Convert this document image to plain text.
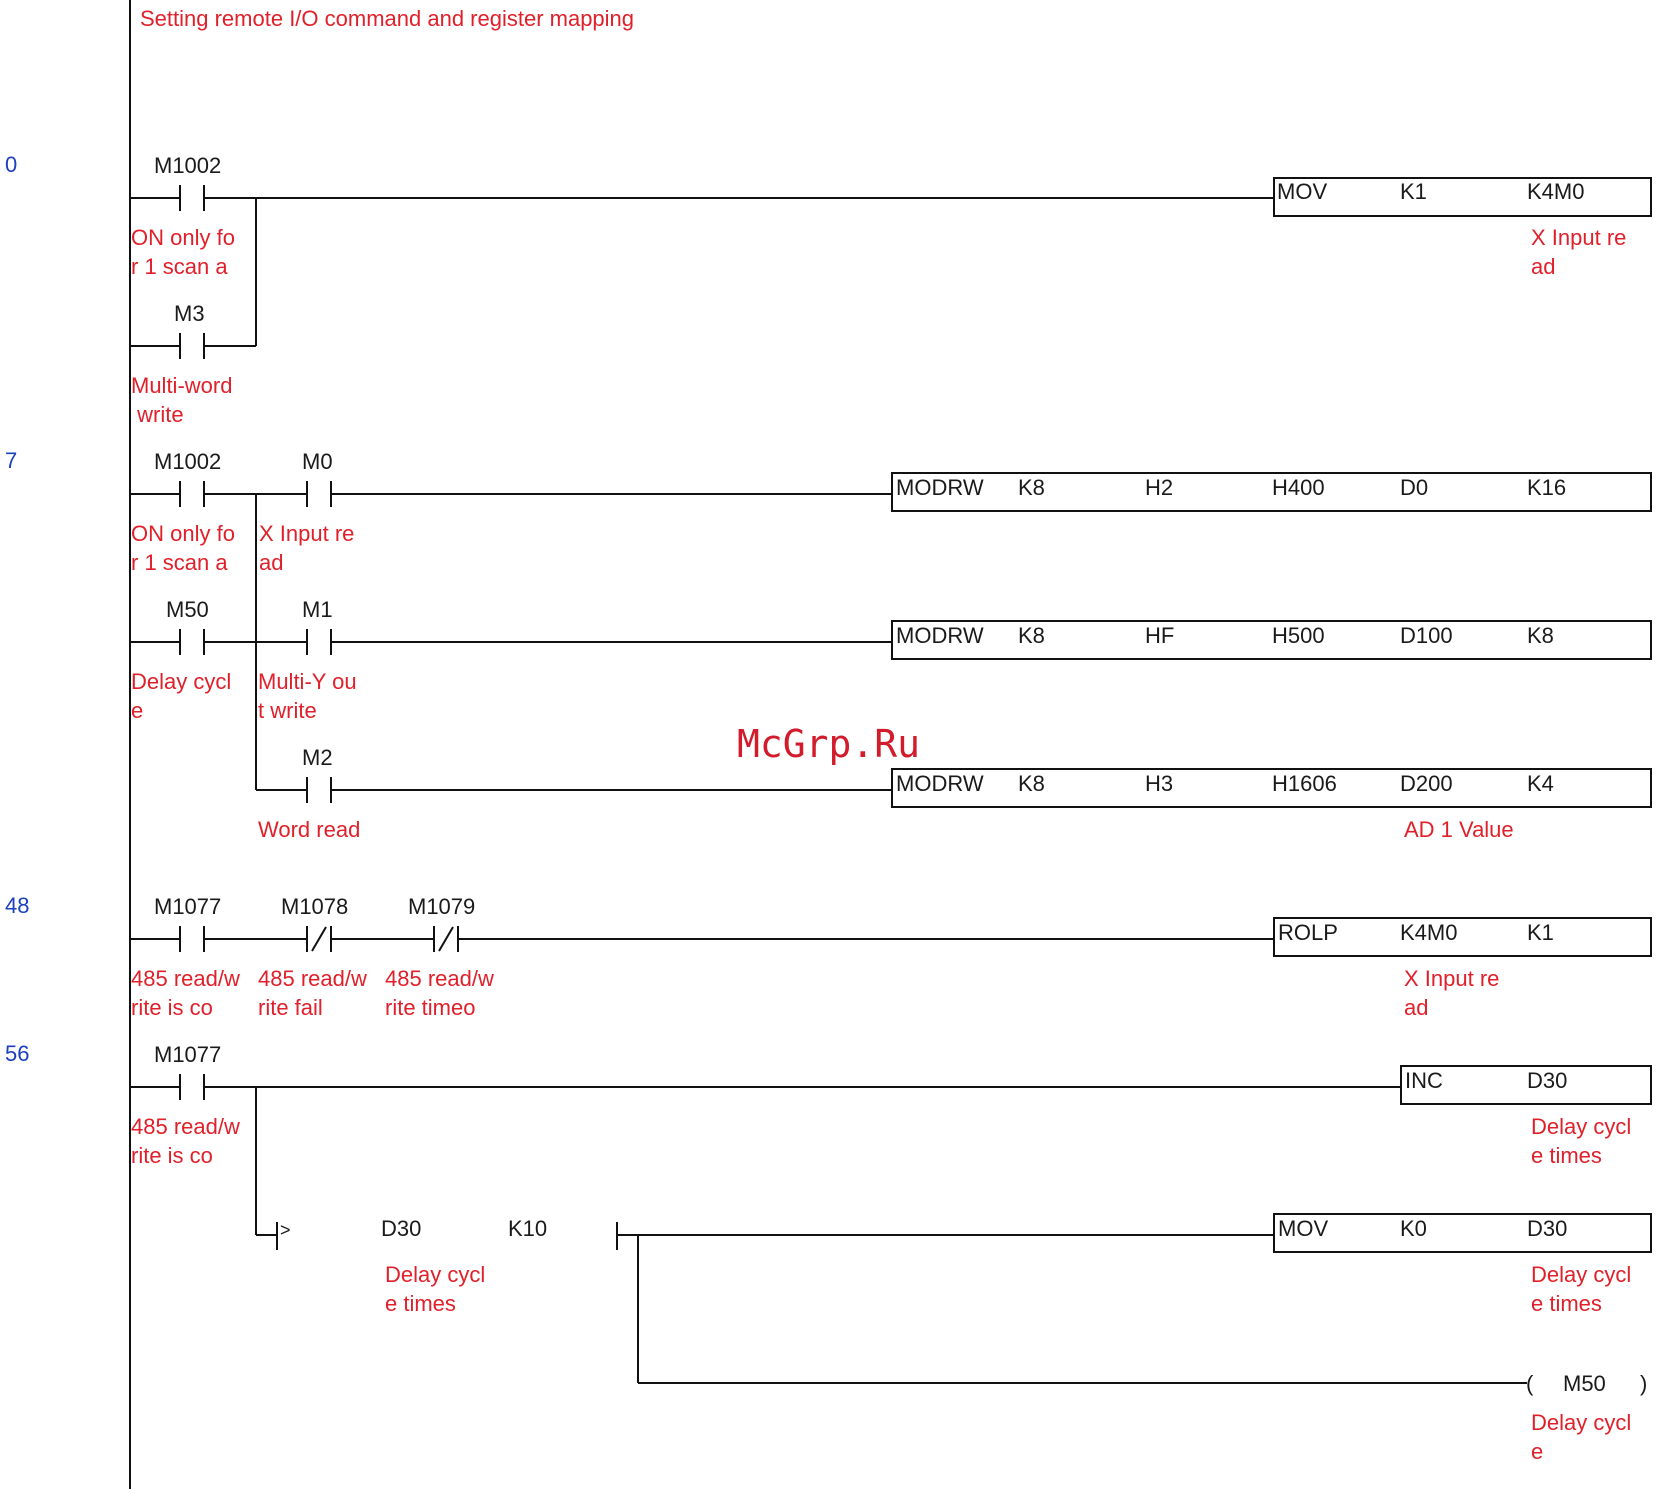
Setting remote I/O command and register mapping
0
7
48
56
M1002
ON only fo
r 1 scan a
M3
Multi-word
write
MOV	K1	K4M0
X Input re
ad
M1002
ON only fo
r 1 scan a
M0
X Input re
ad
M50
Delay cycl
e
M1
Multi-Y ou
t write
M2
Word read
MODRW K8	H2	H400	D0	K16
MODRW K8	HF	H500	D100	K8
MODRW K8	H3	H1606	D200	K4
AD 1 Value
McGrp.Ru
M1077
485 read/w
rite is co
M1078
485 read/w
rite fail
M1079
485 read/w
rite timeo
ROLP	K4M0	K1
X Input re
ad
M1077
485 read/w
rite is co
>	D30	K10
Delay cycl
e times
INC	D30
Delay cycl
e times
MOV	K0	D30
Delay cycl
e times
( M50 )
Delay cycl
e
